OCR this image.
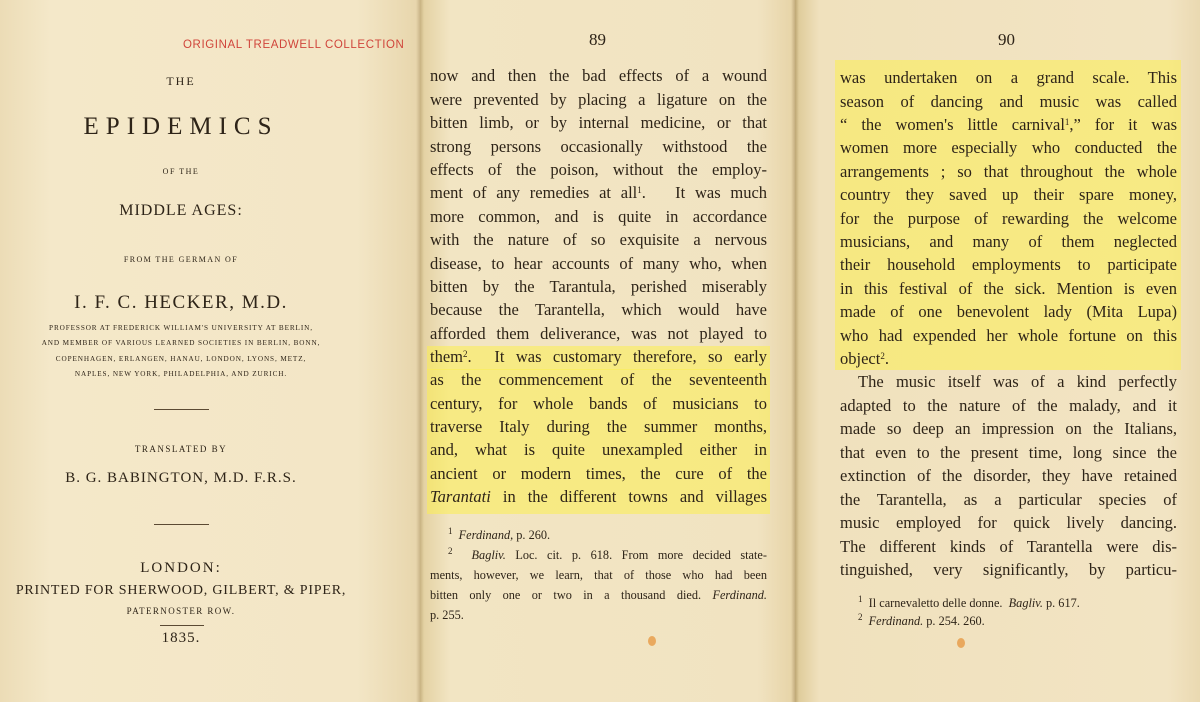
ORIGINAL TREADWELL COLLECTION
THE
EPIDEMICS
OF THE
MIDDLE AGES:
FROM THE GERMAN OF
I. F. C. HECKER, M.D.
PROFESSOR AT FREDERICK WILLIAM'S UNIVERSITY AT BERLIN,
AND MEMBER OF VARIOUS LEARNED SOCIETIES IN BERLIN, BONN,
COPENHAGEN, ERLANGEN, HANAU, LONDON, LYONS, METZ,
NAPLES, NEW YORK, PHILADELPHIA, AND ZURICH.
TRANSLATED BY
B. G. BABINGTON, M.D. F.R.S.
LONDON:
PRINTED FOR SHERWOOD, GILBERT, & PIPER,
PATERNOSTER ROW.
1835.
89
now and then the bad effects of a wound
were prevented by placing a ligature on the
bitten limb, or by internal medicine, or that
strong persons occasionally withstood the
effects of the poison, without the employ-
ment of any remedies at all$^1$.   It was much
more common, and is quite in accordance
with the nature of so exquisite a nervous
disease, to hear accounts of many who, when
bitten by the Tarantula, perished miserably
because the Tarantella, which would have
afforded them deliverance, was not played to
them$^2$.  It was customary therefore, so early
as the commencement of the seventeenth
century, for whole bands of musicians to
traverse Italy during the summer months,
and, what is quite unexampled either in
ancient or modern times, the cure of the
Tarantati in the different towns and villages
$^1$ Ferdinand, p. 260.
$^2$ Bagliv. Loc. cit. p. 618. From more decided state-
ments, however, we learn, that of those who had been
bitten only one or two in a thousand died. Ferdinand.
p. 255.
90
was undertaken on a grand scale. This
season of dancing and music was called
“ the women's little carnival$^1$,” for it was
women more especially who conducted the
arrangements ; so that throughout the whole
country they saved up their spare money,
for the purpose of rewarding the welcome
musicians, and many of them neglected
their household employments to participate
in this festival of the sick. Mention is even
made of one benevolent lady (Mita Lupa)
who had expended her whole fortune on this
object$^2$.
The music itself was of a kind perfectly
adapted to the nature of the malady, and it
made so deep an impression on the Italians,
that even to the present time, long since the
extinction of the disorder, they have retained
the Tarantella, as a particular species of
music employed for quick lively dancing.
The different kinds of Tarantella were dis-
tinguished, very significantly, by particu-
$^1$ Il carnevaletto delle donne. Bagliv. p. 617.
$^2$ Ferdinand. p. 254. 260.
